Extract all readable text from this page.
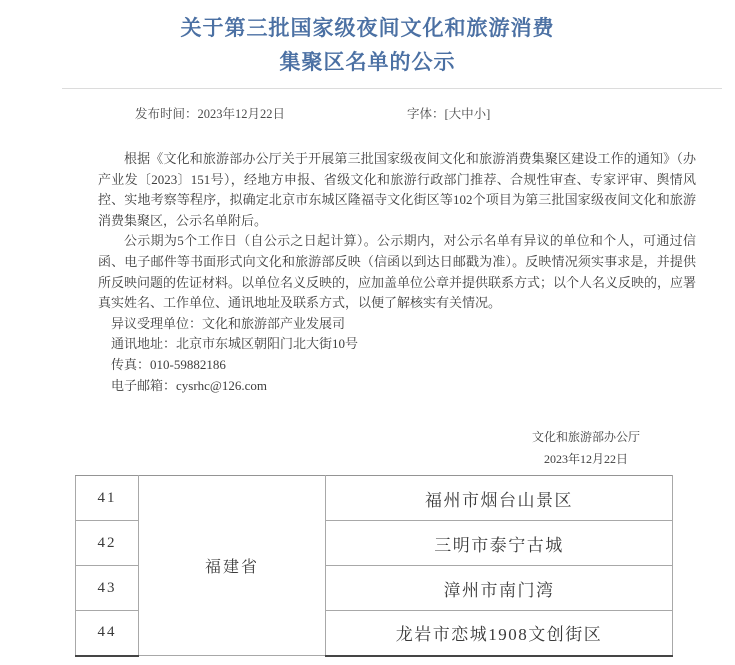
关于第三批国家级夜间文化和旅游消费
集聚区名单的公示
发布时间：2023年12月22日	字体：[大中小]

根据《文化和旅游部办公厅关于开展第三批国家级夜间文化和旅游消费集聚区建设工作的通知》（办产业发〔2023〕151号），经地方申报、省级文化和旅游行政部门推荐、合规性审查、专家评审、舆情风控、实地考察等程序，拟确定北京市东城区隆福寺文化街区等102个项目为第三批国家级夜间文化和旅游消费集聚区，公示名单附后。

公示期为5个工作日（自公示之日起计算）。公示期内，对公示名单有异议的单位和个人，可通过信函、电子邮件等书面形式向文化和旅游部反映（信函以到达日邮戳为准）。反映情况须实事求是，并提供所反映问题的佐证材料。以单位名义反映的，应加盖单位公章并提供联系方式；以个人名义反映的，应署真实姓名、工作单位、通讯地址及联系方式，以便了解核实有关情况。

异议受理单位：文化和旅游部产业发展司
通讯地址：北京市东城区朝阳门北大街10号
传真：010-59882186
电子邮箱：cysrhc@126.com
文化和旅游部办公厅
2023年12月22日
41	福建省	福州市烟台山景区
42		三明市泰宁古城
43		漳州市南门湾
44		龙岩市恋城1908文创街区
